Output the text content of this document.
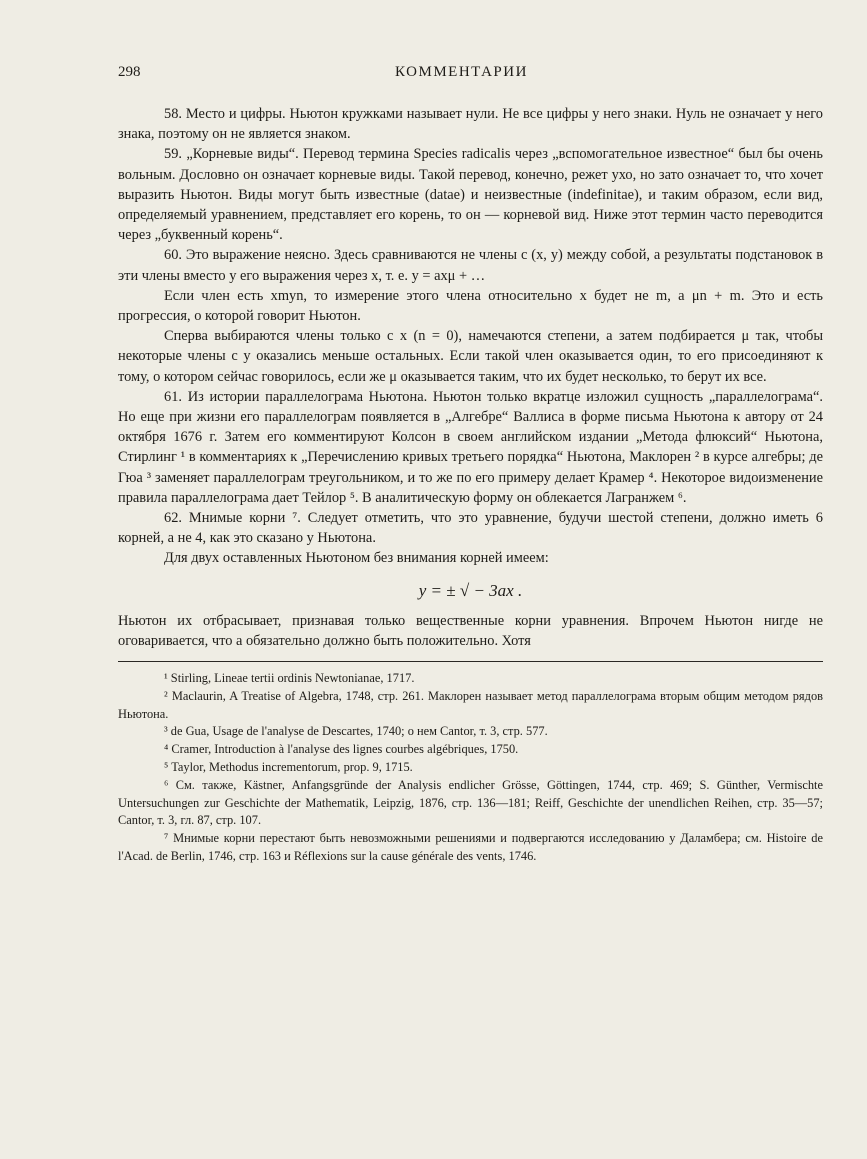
298	КОММЕНТАРИИ

58. Место и цифры. Ньютон кружками называет нули. Не все цифры у него знаки. Нуль не означает у него знака, поэтому он не является знаком.

59. „Корневые виды“. Перевод термина Species radicalis через „вспомогательное известное“ был бы очень вольным. Дословно он означает корневые виды. Такой перевод, конечно, режет ухо, но зато означает то, что хочет выразить Ньютон. Виды могут быть известные (datae) и неизвестные (indefinitae), и таким образом, если вид, определяемый уравнением, представляет его корень, то он — корневой вид. Ниже этот термин часто переводится через „буквенный корень“.

60. Это выражение неясно. Здесь сравниваются не члены с (x, y) между собой, а результаты подстановок в эти члены вместо y его выражения через x, т. е. y = axμ + …

Если член есть xmyn, то измерение этого члена относительно x будет не m, а μn + m. Это и есть прогрессия, о которой говорит Ньютон.

Сперва выбираются члены только с x (n = 0), намечаются степени, а затем подбирается μ так, чтобы некоторые члены с y оказались меньше остальных. Если такой член оказывается один, то его присоединяют к тому, о котором сейчас говорилось, если же μ оказывается таким, что их будет несколько, то берут их все.

61. Из истории параллелограма Ньютона. Ньютон только вкратце изложил сущность „параллелограма“. Но еще при жизни его параллелограм появляется в „Алгебре“ Валлиса в форме письма Ньютона к автору от 24 октября 1676 г. Затем его комментируют Колсон в своем английском издании „Метода флюксий“ Ньютона, Стирлинг ¹ в комментариях к „Перечислению кривых третьего порядка“ Ньютона, Маклорен ² в курсе алгебры; де Гюа ³ заменяет параллелограм треугольником, и то же по его примеру делает Крамер ⁴. Некоторое видоизменение правила параллелограма дает Тейлор ⁵. В аналитическую форму он облекается Лагранжем ⁶.

62. Мнимые корни ⁷. Следует отметить, что это уравнение, будучи шестой степени, должно иметь 6 корней, а не 4, как это сказано у Ньютона.

Для двух оставленных Ньютоном без внимания корней имеем:

y = ± √ − 3ax .

Ньютон их отбрасывает, признавая только вещественные корни уравнения. Впрочем Ньютон нигде не оговаривается, что a обязательно должно быть положительно. Хотя

¹ Stirling, Lineae tertii ordinis Newtonianae, 1717.

² Maclaurin, A Treatise of Algebra, 1748, стр. 261. Маклорен называет метод параллелограма вторым общим методом рядов Ньютона.

³ de Gua, Usage de l'analyse de Descartes, 1740; о нем Cantor, т. 3, стр. 577.

⁴ Cramer, Introduction à l'analyse des lignes courbes algébriques, 1750.

⁵ Taylor, Methodus incrementorum, prop. 9, 1715.

⁶ См. также, Kästner, Anfangsgründe der Analysis endlicher Grösse, Göttingen, 1744, стр. 469; S. Günther, Vermischte Untersuchungen zur Geschichte der Mathematik, Leipzig, 1876, стр. 136—181; Reiff, Geschichte der unendlichen Reihen, стр. 35—57; Cantor, т. 3, гл. 87, стр. 107.

⁷ Мнимые корни перестают быть невозможными решениями и подвергаются исследованию у Даламбера; см. Histoire de l'Acad. de Berlin, 1746, стр. 163 и Réflexions sur la cause générale des vents, 1746.
